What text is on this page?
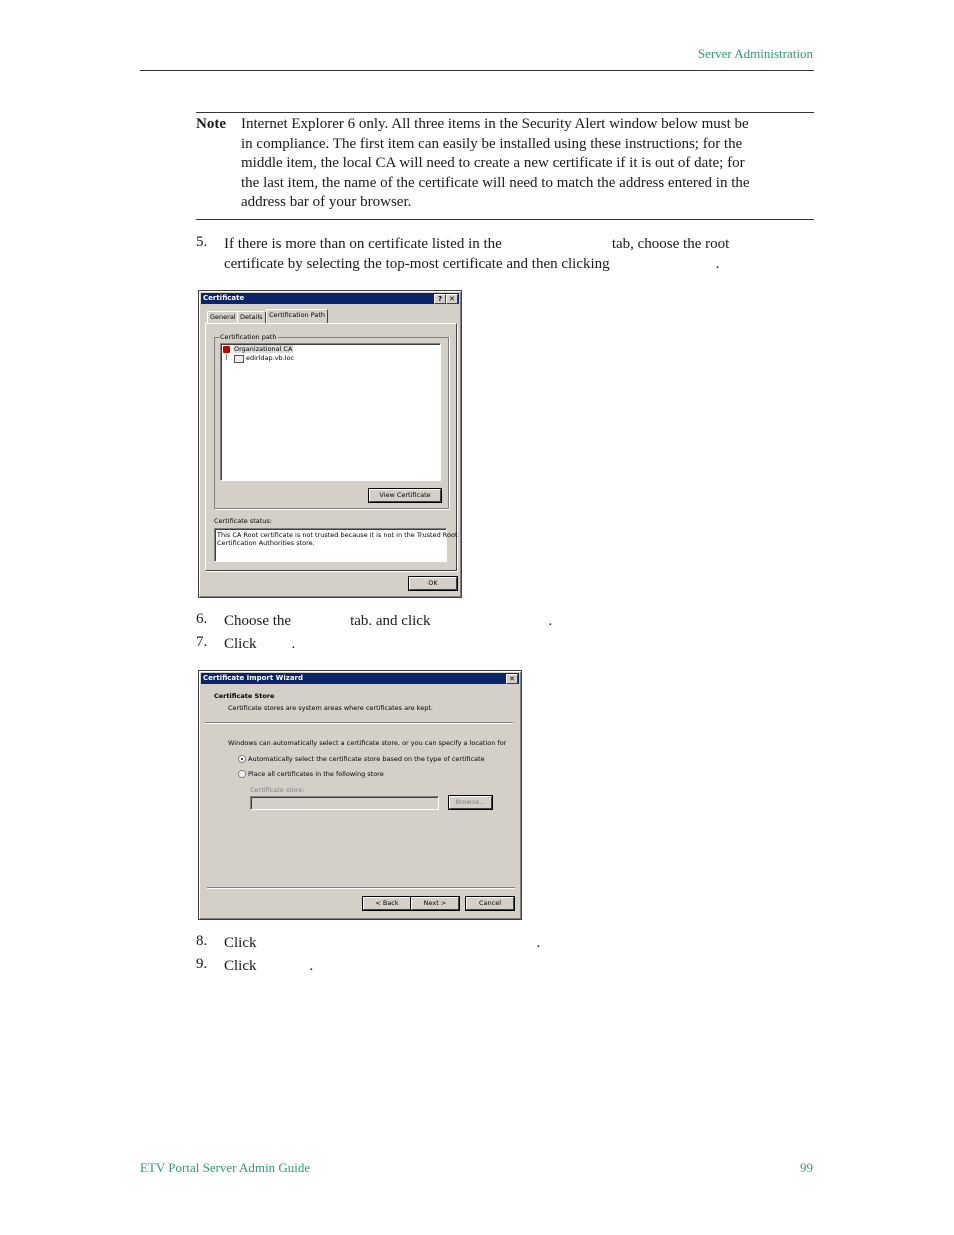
Server Administration
Note Internet Explorer 6 only. All three items in the Security Alert window below must be
in compliance. The first item can easily be installed using these instructions; for the
middle item, the local CA will need to create a new certificate if it is out of date; for
the last item, the name of the certificate will need to match the address entered in the
address bar of your browser.
5. If there is more than on certificate listed in the	tab, choose the root
certificate by selecting the top-most certificate and then clicking	.
Certificate	?	✕
General Details Certification Path
Certification path
Organizational CA
edirldap.vb.loc
View Certificate
Certificate status:
This CA Root certificate is not trusted because it is not in the Trusted Root
Certification Authorities store.
OK
6. Choose the	tab. and click	.
7. Click .
Certificate Import Wizard	✕
Certificate Store
Certificate stores are system areas where certificates are kept.
Windows can automatically select a certificate store, or you can specify a location for
Automatically select the certificate store based on the type of certificate
Place all certificates in the following store
Certificate store:
Browse...
< Back	Next >	Cancel
8. Click	.
9. Click	.
ETV Portal Server Admin Guide	99
